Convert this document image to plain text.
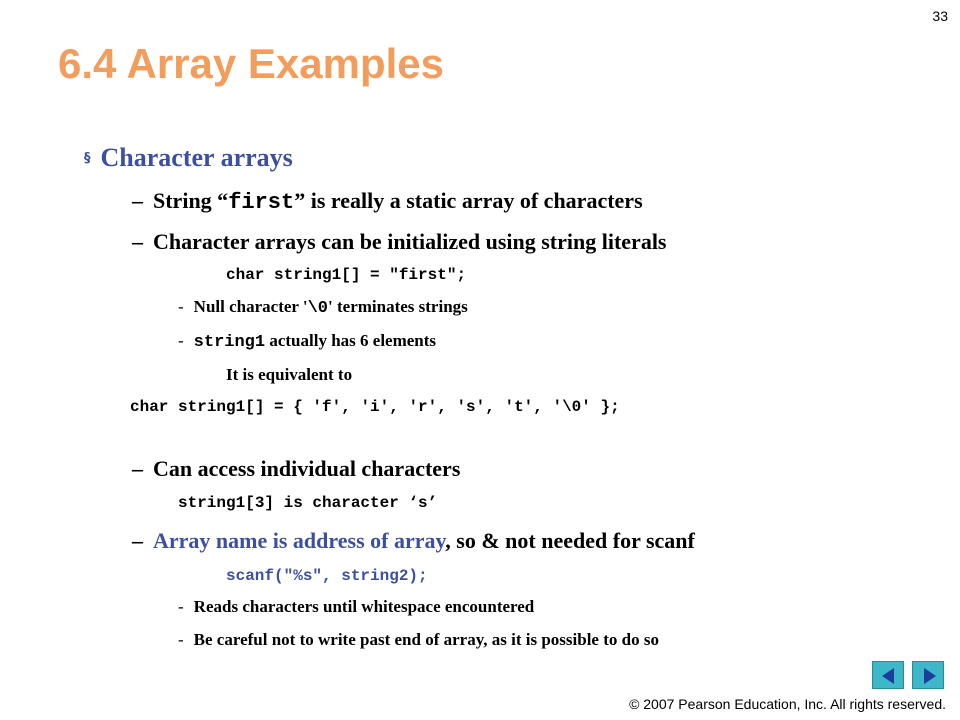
33
6.4 Array Examples
§ Character arrays
– String “first” is really a static array of characters
– Character arrays can be initialized using string literals
char string1[] = "first";
- Null character '\0' terminates strings
- string1 actually has 6 elements
It is equivalent to
char string1[] = { 'f', 'i', 'r', 's', 't', '\0' };
– Can access individual characters
string1[3] is character ‘s’
– Array name is address of array, so & not needed for scanf
scanf("%s", string2);
- Reads characters until whitespace encountered
- Be careful not to write past end of array, as it is possible to do so
© 2007 Pearson Education, Inc. All rights reserved.
